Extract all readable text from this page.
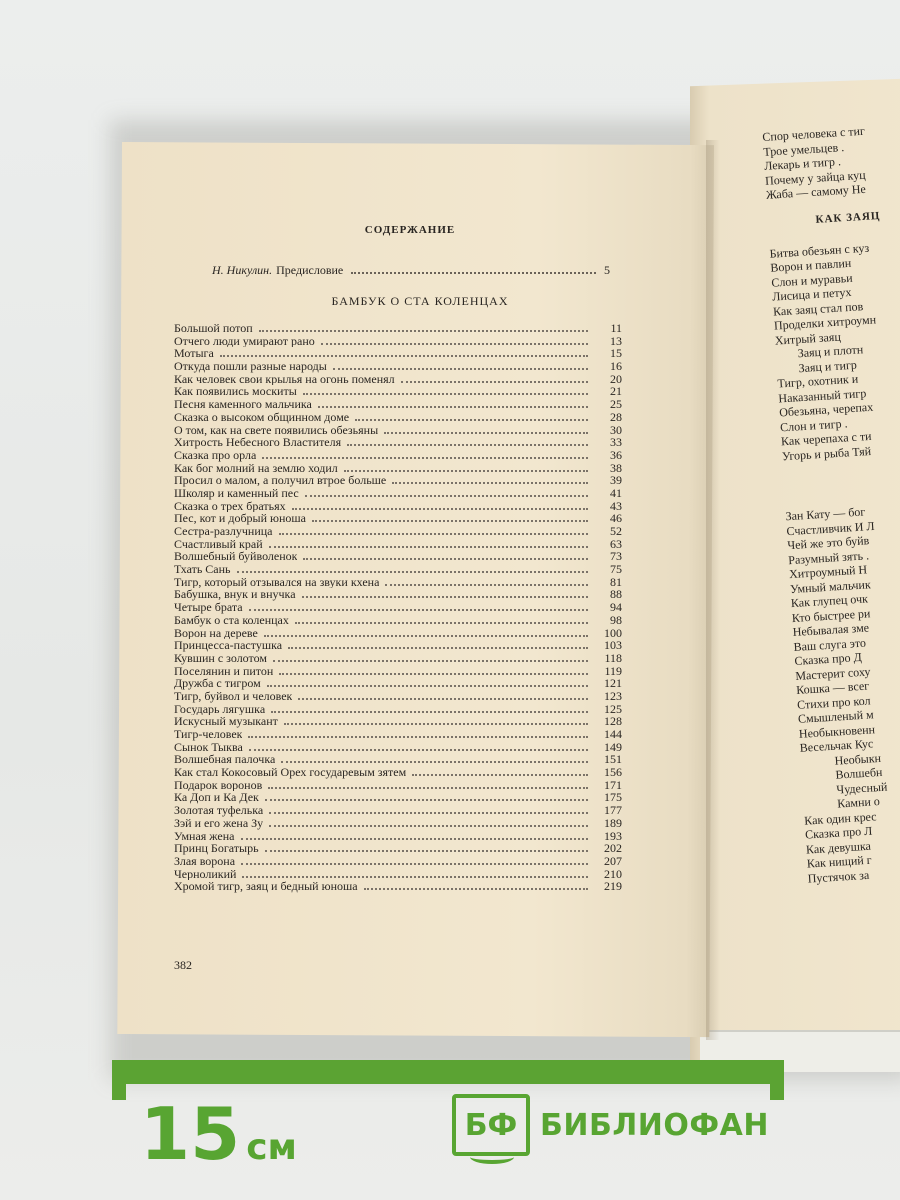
СОДЕРЖАНИЕ
Н. Никулин. Предисловие	5
БАМБУК О СТА КОЛЕНЦАХ
Большой потоп	11
Отчего люди умирают рано	13
Мотыга	15
Откуда пошли разные народы	16
Как человек свои крылья на огонь поменял	20
Как появились москиты	21
Песня каменного мальчика	25
Сказка о высоком общинном доме	28
О том, как на свете появились обезьяны	30
Хитрость Небесного Властителя	33
Сказка про орла	36
Как бог молний на землю ходил	38
Просил о малом, а получил втрое больше	39
Школяр и каменный пес	41
Сказка о трех братьях	43
Пес, кот и добрый юноша	46
Сестра-разлучница	52
Счастливый край	63
Волшебный буйволенок	73
Тхать Сань	75
Тигр, который отзывался на звуки кхена	81
Бабушка, внук и внучка	88
Четыре брата	94
Бамбук о ста коленцах	98
Ворон на дереве	100
Принцесса-пастушка	103
Кувшин с золотом	118
Поселянин и питон	119
Дружба с тигром	121
Тигр, буйвол и человек	123
Государь лягушка	125
Искусный музыкант	128
Тигр-человек	144
Сынок Тыква	149
Волшебная палочка	151
Как стал Кокосовый Орех государевым зятем	156
Подарок воронов	171
Ка Доп и Ка Дек	175
Золотая туфелька	177
Зэй и его жена Зу	189
Умная жена	193
Принц Богатырь	202
Злая ворона	207
Черноликий	210
Хромой тигр, заяц и бедный юноша	219
382
Спор человека с тиг
Трое умельцев .
Лекарь и тигр .
Почему у зайца куц
Жаба — самому Не
КАК ЗАЯЦ
Битва обезьян с куз
Ворон и павлин
Слон и муравьи
Лисица и петух
Как заяц стал пов
Проделки хитроумн
Хитрый заяц
Заяц и плотн
Заяц и тигр
Тигр, охотник и
Наказанный тигр
Обезьяна, черепах
Слон и тигр .
Как черепаха с ти
Угорь и рыба Тяй
Зан Кату — бог
Счастливчик И Л
Чей же это буйв
Разумный зять .
Хитроумный Н
Умный мальчик
Как глупец очк
Кто быстрее ри
Небывалая зме
Ваш слуга это
Сказка про Д
Мастерит соху
Кошка — всег
Стихи про кол
Смышленый м
Необыкновенн
Весельчак Кус
Необыкн
Волшебн
Чудесный
Камни о
Как один крес
Сказка про Л
Как девушка
Как нищий г
Пустячок за
15 см
БФ БИБЛИОФАН
